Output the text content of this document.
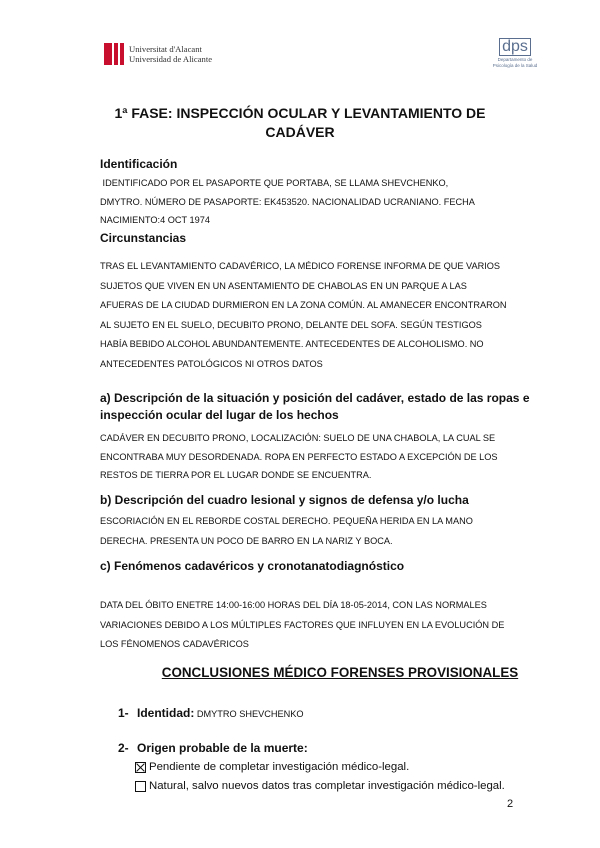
Universitat d'Alacant
Universidad de Alicante
dps
Departamento de
Psicología de la Salud
1ª FASE: INSPECCIÓN OCULAR Y LEVANTAMIENTO DE
CADÁVER
Identificación
IDENTIFICADO POR EL PASAPORTE QUE PORTABA, SE LLAMA SHEVCHENKO,
DMYTRO. NÚMERO DE PASAPORTE: EK453520. NACIONALIDAD UCRANIANO. FECHA
NACIMIENTO:4 OCT 1974
Circunstancias
TRAS EL LEVANTAMIENTO CADAVÉRICO, LA MÉDICO FORENSE INFORMA DE QUE VARIOS
SUJETOS QUE VIVEN EN UN ASENTAMIENTO DE CHABOLAS EN UN PARQUE A LAS
AFUERAS DE LA CIUDAD DURMIERON EN LA ZONA COMÚN. AL AMANECER ENCONTRARON
AL SUJETO EN EL SUELO, DECUBITO PRONO, DELANTE DEL SOFA. SEGÚN TESTIGOS
HABÍA BEBIDO ALCOHOL ABUNDANTEMENTE. ANTECEDENTES DE ALCOHOLISMO. NO
ANTECEDENTES PATOLÓGICOS NI OTROS DATOS
a) Descripción de la situación y posición del cadáver, estado de las ropas e
inspección ocular del lugar de los hechos
CADÁVER EN DECUBITO PRONO, LOCALIZACIÓN: SUELO DE UNA CHABOLA, LA CUAL SE
ENCONTRABA MUY DESORDENADA. ROPA EN PERFECTO ESTADO A EXCEPCIÓN DE LOS
RESTOS DE TIERRA POR EL LUGAR DONDE SE ENCUENTRA.
b) Descripción del cuadro lesional y signos de defensa y/o lucha
ESCORIACIÓN EN EL REBORDE COSTAL DERECHO. PEQUEÑA HERIDA EN LA MANO
DERECHA. PRESENTA UN POCO DE BARRO EN LA NARIZ Y BOCA.
c) Fenómenos cadavéricos y cronotanatodiagnóstico
DATA DEL ÓBITO ENETRE 14:00-16:00 HORAS DEL DÍA 18-05-2014, CON LAS NORMALES
VARIACIONES DEBIDO A LOS MÚLTIPLES FACTORES QUE INFLUYEN EN LA EVOLUCIÓN DE
LOS FÉNOMENOS CADAVÉRICOS
CONCLUSIONES MÉDICO FORENSES PROVISIONALES
1- Identidad: DMYTRO SHEVCHENKO
2- Origen probable de la muerte:
Pendiente de completar investigación médico-legal.
Natural, salvo nuevos datos tras completar investigación médico-legal.
2
